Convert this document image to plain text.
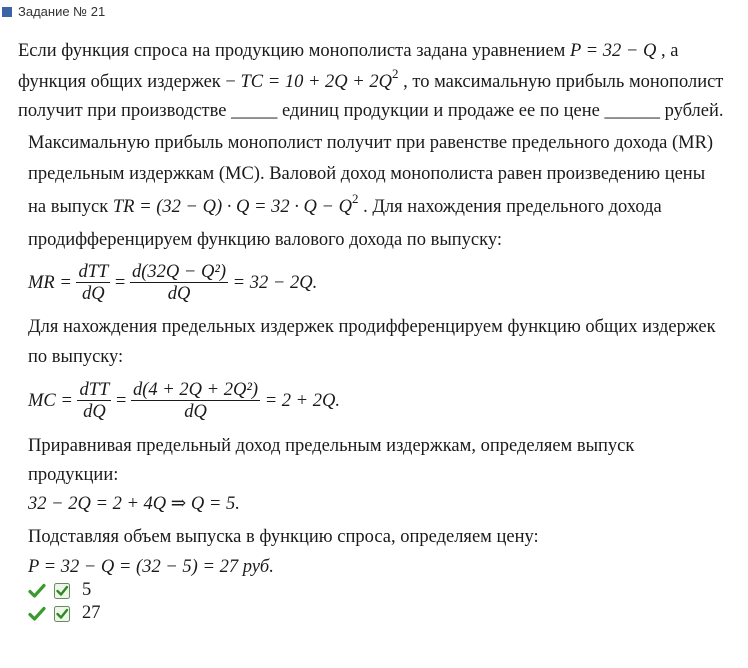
Задание № 21
Если функция спроса на продукцию монополиста задана уравнением P = 32 − Q , а
функция общих издержек − TC = $10 + 2Q + 2Q^2$ , то максимальную прибыль монополист
получит при производстве _____ единиц продукции и продаже ее по цене ______ рублей.
Максимальную прибыль монополист получит при равенстве предельного дохода (MR)
предельным издержкам (MC). Валовой доход монополиста равен произведению цены
на выпуск TR = $(32 - Q) \cdot Q = 32 \cdot Q - Q^2$ . Для нахождения предельного дохода
продифференцируем функцию валового дохода по выпуску:
MR = $\frac{\text{dTT}}{dQ} = \frac{\text{d(32Q − Q²)}}{dQ} = 32 - 2Q$.
Для нахождения предельных издержек продифференцируем функцию общих издержек
по выпуску:
MC = $\frac{\text{dTT}}{dQ} = \frac{\text{d(4 + 2Q + 2Q²)}}{dQ} = 2 + 2Q$.
Приравнивая предельный доход предельным издержкам, определяем выпуск
продукции:
32 − 2Q = 2 + 4Q ⇒ Q = 5.
Подставляя объем выпуска в функцию спроса, определяем цену:
P = 32 − Q = (32 − 5) = 27 руб.
5
27
